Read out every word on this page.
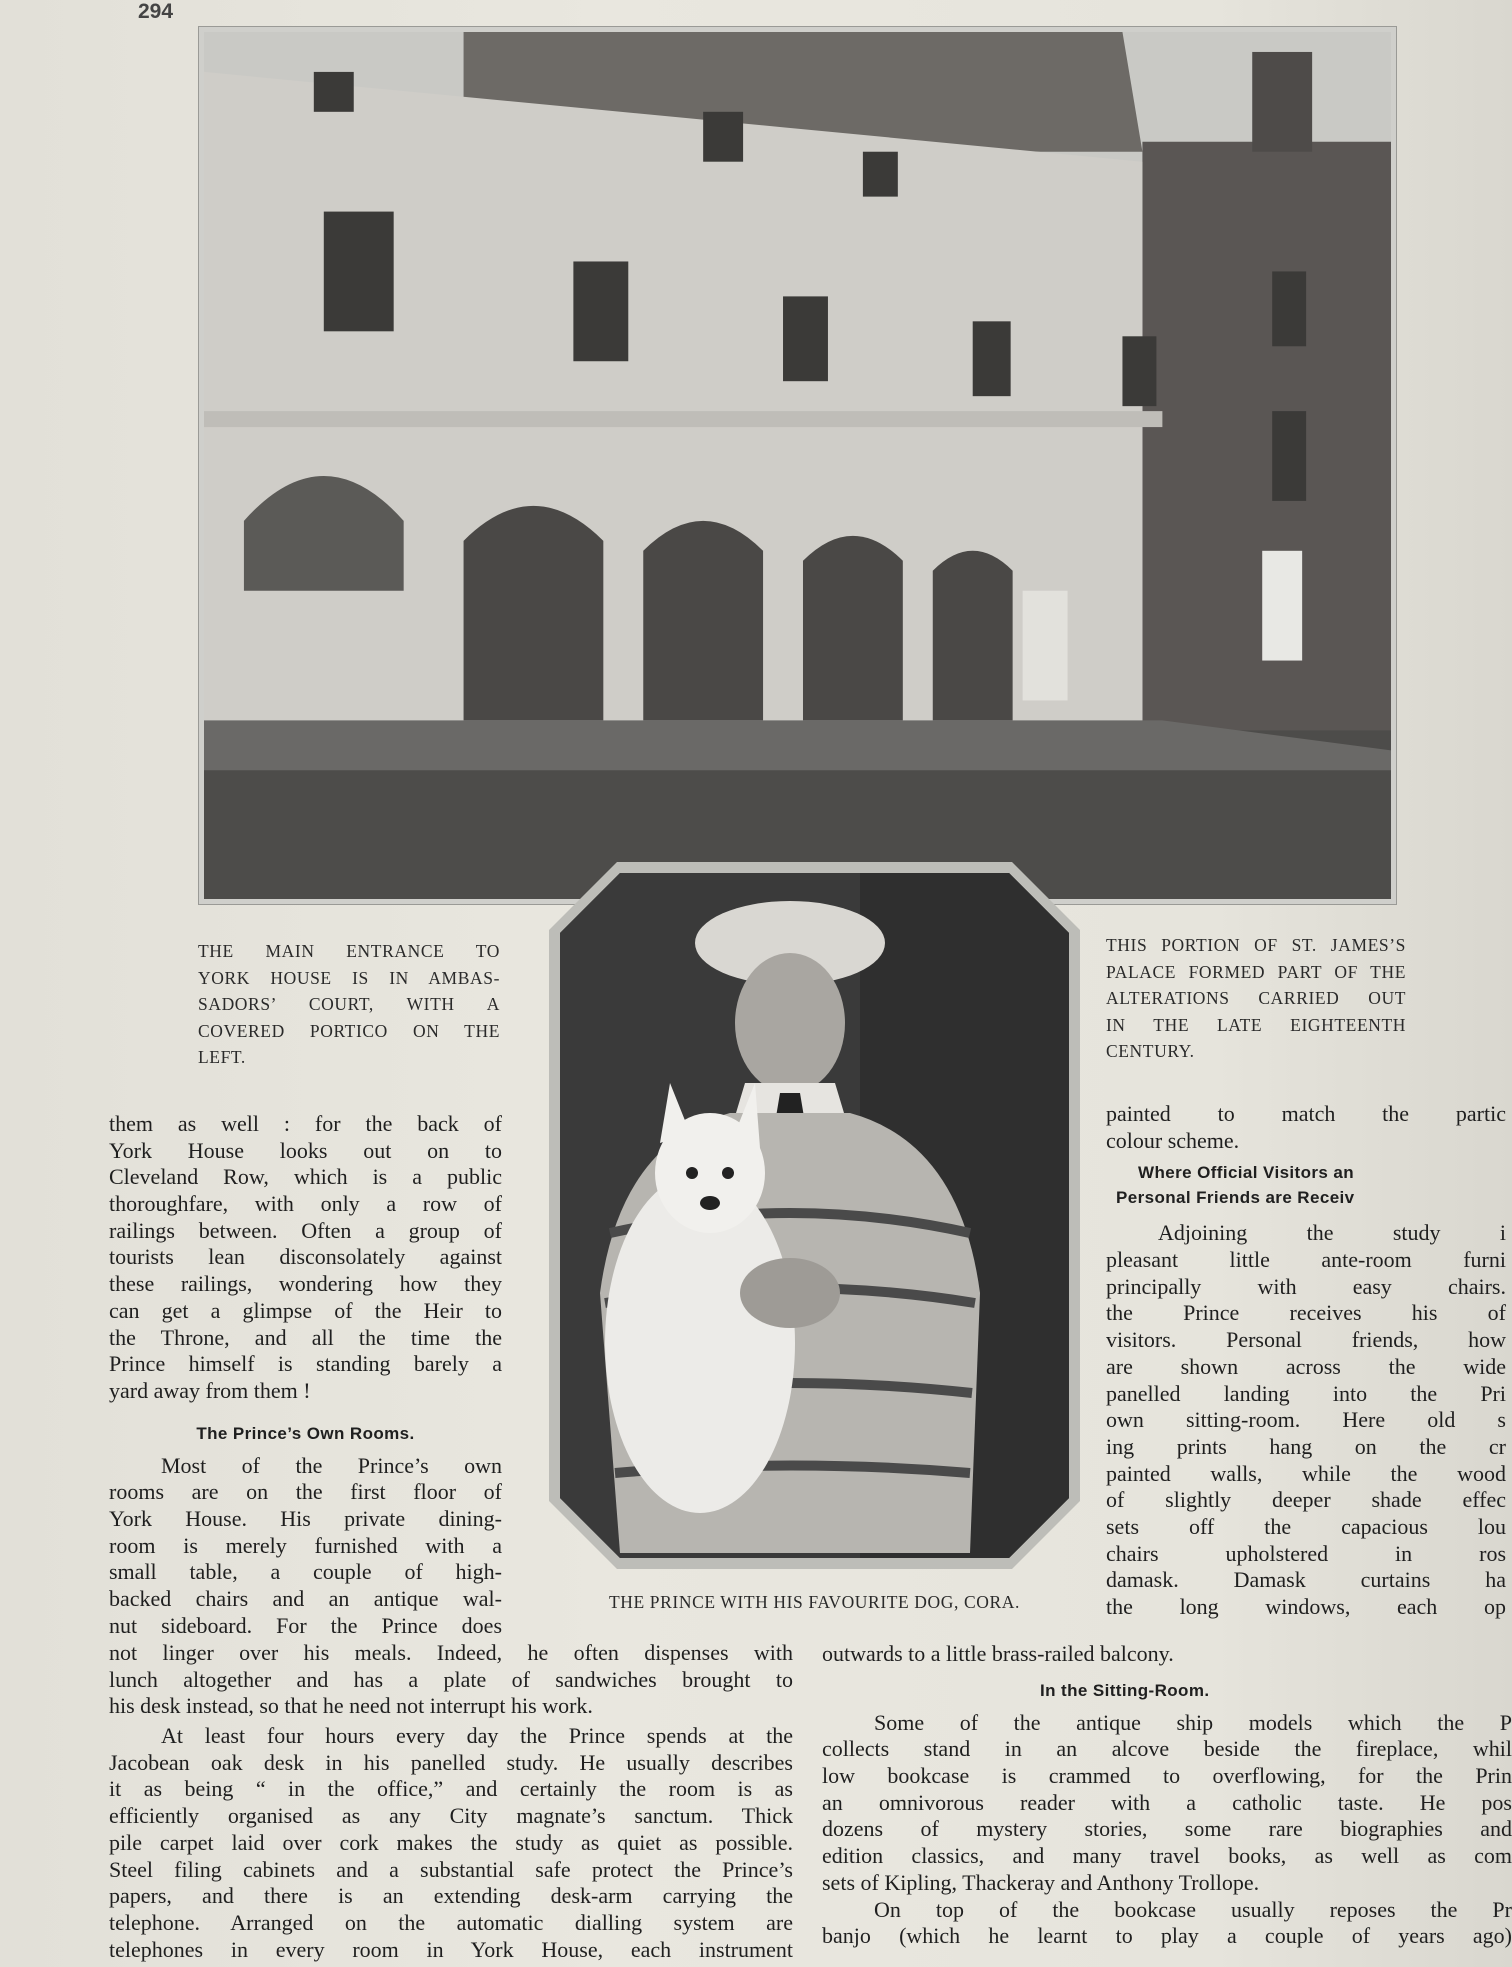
294
THE MAIN ENTRANCE TO
YORK HOUSE IS IN AMBAS-
SADORS’ COURT, WITH A
COVERED PORTICO ON THE
LEFT.
THIS PORTION OF ST. JAMES’S
PALACE FORMED PART OF THE
ALTERATIONS CARRIED OUT
IN THE LATE EIGHTEENTH
CENTURY.
THE PRINCE WITH HIS FAVOURITE DOG, CORA.
them as well : for the back of
York House looks out on to
Cleveland Row, which is a public
thoroughfare, with only a row of
railings between. Often a group of
tourists lean disconsolately against
these railings, wondering how they
can get a glimpse of the Heir to
the Throne, and all the time the
Prince himself is standing barely a
yard away from them !
The Prince’s Own Rooms.
Most of the Prince’s own
rooms are on the first floor of
York House. His private dining-
room is merely furnished with a
small table, a couple of high-
backed chairs and an antique wal-
nut sideboard. For the Prince does
not linger over his meals. Indeed, he often dispenses with
lunch altogether and has a plate of sandwiches brought to
his desk instead, so that he need not interrupt his work.
At least four hours every day the Prince spends at the
Jacobean oak desk in his panelled study. He usually describes
it as being “ in the office,” and certainly the room is as
efficiently organised as any City magnate’s sanctum. Thick
pile carpet laid over cork makes the study as quiet as possible.
Steel filing cabinets and a substantial safe protect the Prince’s
papers, and there is an extending desk-arm carrying the
telephone. Arranged on the automatic dialling system are
telephones in every room in York House, each instrument
painted to match the partic
colour scheme.
Where Official Visitors an
Personal Friends are Receiv
Adjoining the study i
pleasant little ante-room furni
principally with easy chairs.
the Prince receives his of
visitors. Personal friends, how
are shown across the wide
panelled landing into the Pri
own sitting-room. Here old s
ing prints hang on the cr
painted walls, while the wood
of slightly deeper shade effec
sets off the capacious lou
chairs upholstered in ros
damask. Damask curtains ha
the long windows, each op
outwards to a little brass-railed balcony.
In the Sitting-Room.
Some of the antique ship models which the P
collects stand in an alcove beside the fireplace, whil
low bookcase is crammed to overflowing, for the Prin
an omnivorous reader with a catholic taste. He pos
dozens of mystery stories, some rare biographies and
edition classics, and many travel books, as well as com
sets of Kipling, Thackeray and Anthony Trollope.
On top of the bookcase usually reposes the Pr
banjo (which he learnt to play a couple of years ago)
